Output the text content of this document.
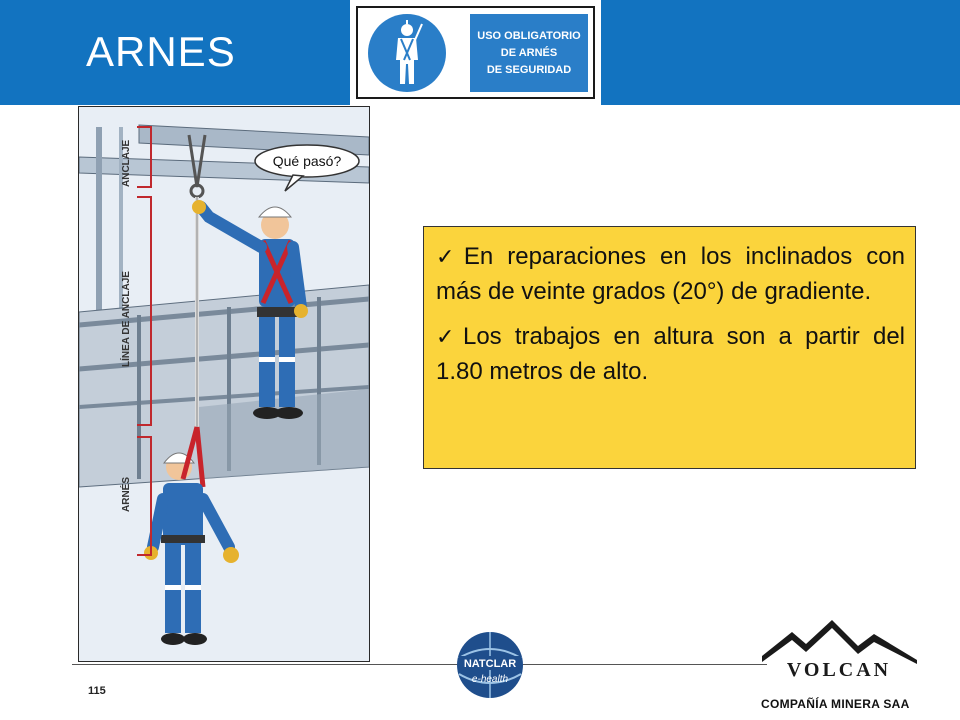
ARNES	USO OBLIGATORIO
DE ARNÉS
DE SEGURIDAD
Qué pasó?
ANCLAJE
LÍNEA DE ANCLAJE
ARNÉS
✓En reparaciones en los inclinados con más de veinte grados (20°) de gradiente.
✓Los trabajos en altura son a partir del 1.80 metros de alto.
115
NATCLAR
e-health	VOLCAN
COMPAÑÍA MINERA SAA
